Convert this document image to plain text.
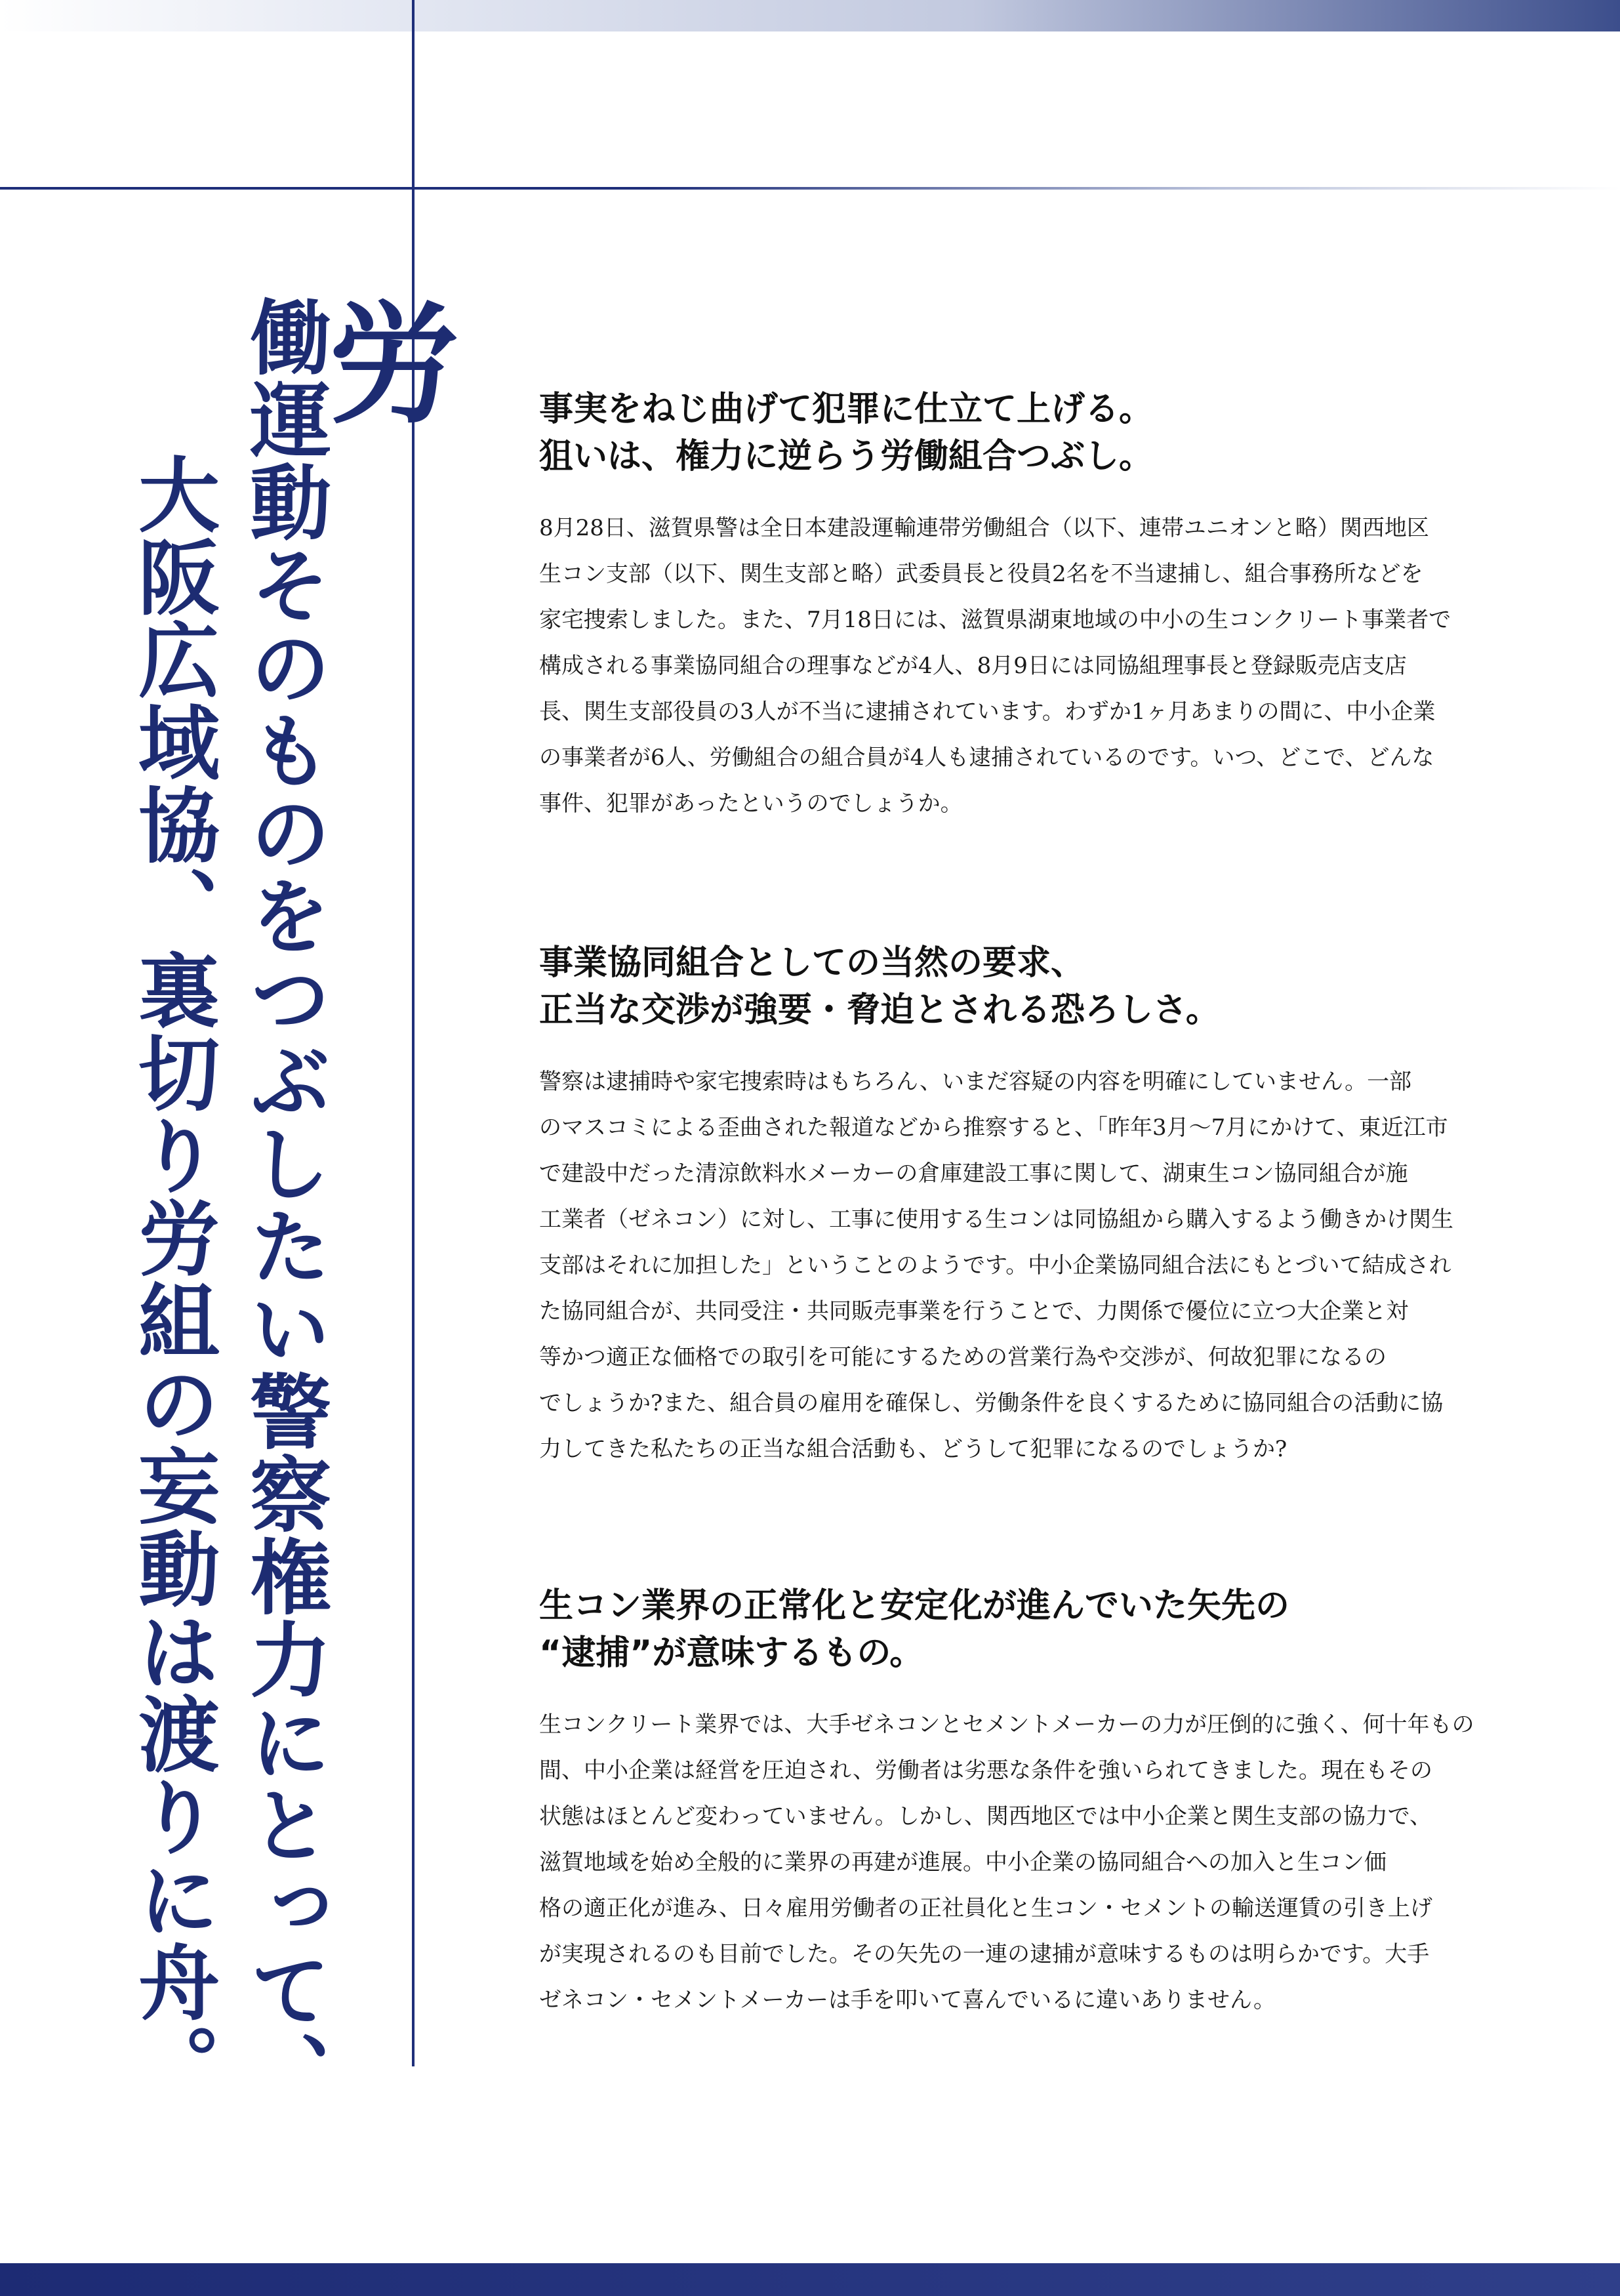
労
働運動そのものをつぶしたい警察権力にとって、
大阪広域協、裏切り労組の妄動は渡りに舟。
事実をねじ曲げて犯罪に仕立て上げる。
狙いは、権力に逆らう労働組合つぶし。

8月28日、滋賀県警は全日本建設運輸連帯労働組合（以下、連帯ユニオンと略）関西地区
生コン支部（以下、関生支部と略）武委員長と役員2名を不当逮捕し、組合事務所などを
家宅捜索しました。また、7月18日には、滋賀県湖東地域の中小の生コンクリート事業者で
構成される事業協同組合の理事などが4人、8月9日には同協組理事長と登録販売店支店
長、関生支部役員の3人が不当に逮捕されています。わずか1ヶ月あまりの間に、中小企業
の事業者が6人、労働組合の組合員が4人も逮捕されているのです。いつ、どこで、どんな
事件、犯罪があったというのでしょうか。

事業協同組合としての当然の要求、
正当な交渉が強要・脅迫とされる恐ろしさ。

警察は逮捕時や家宅捜索時はもちろん、いまだ容疑の内容を明確にしていません。一部
のマスコミによる歪曲された報道などから推察すると、「昨年3月〜7月にかけて、東近江市
で建設中だった清涼飲料水メーカーの倉庫建設工事に関して、湖東生コン協同組合が施
工業者（ゼネコン）に対し、工事に使用する生コンは同協組から購入するよう働きかけ関生
支部はそれに加担した」ということのようです。中小企業協同組合法にもとづいて結成され
た協同組合が、共同受注・共同販売事業を行うことで、力関係で優位に立つ大企業と対
等かつ適正な価格での取引を可能にするための営業行為や交渉が、何故犯罪になるの
でしょうか?また、組合員の雇用を確保し、労働条件を良くするために協同組合の活動に協
力してきた私たちの正当な組合活動も、どうして犯罪になるのでしょうか?

生コン業界の正常化と安定化が進んでいた矢先の
“逮捕”が意味するもの。

生コンクリート業界では、大手ゼネコンとセメントメーカーの力が圧倒的に強く、何十年もの
間、中小企業は経営を圧迫され、労働者は劣悪な条件を強いられてきました。現在もその
状態はほとんど変わっていません。しかし、関西地区では中小企業と関生支部の協力で、
滋賀地域を始め全般的に業界の再建が進展。中小企業の協同組合への加入と生コン価
格の適正化が進み、日々雇用労働者の正社員化と生コン・セメントの輸送運賃の引き上げ
が実現されるのも目前でした。その矢先の一連の逮捕が意味するものは明らかです。大手
ゼネコン・セメントメーカーは手を叩いて喜んでいるに違いありません。
